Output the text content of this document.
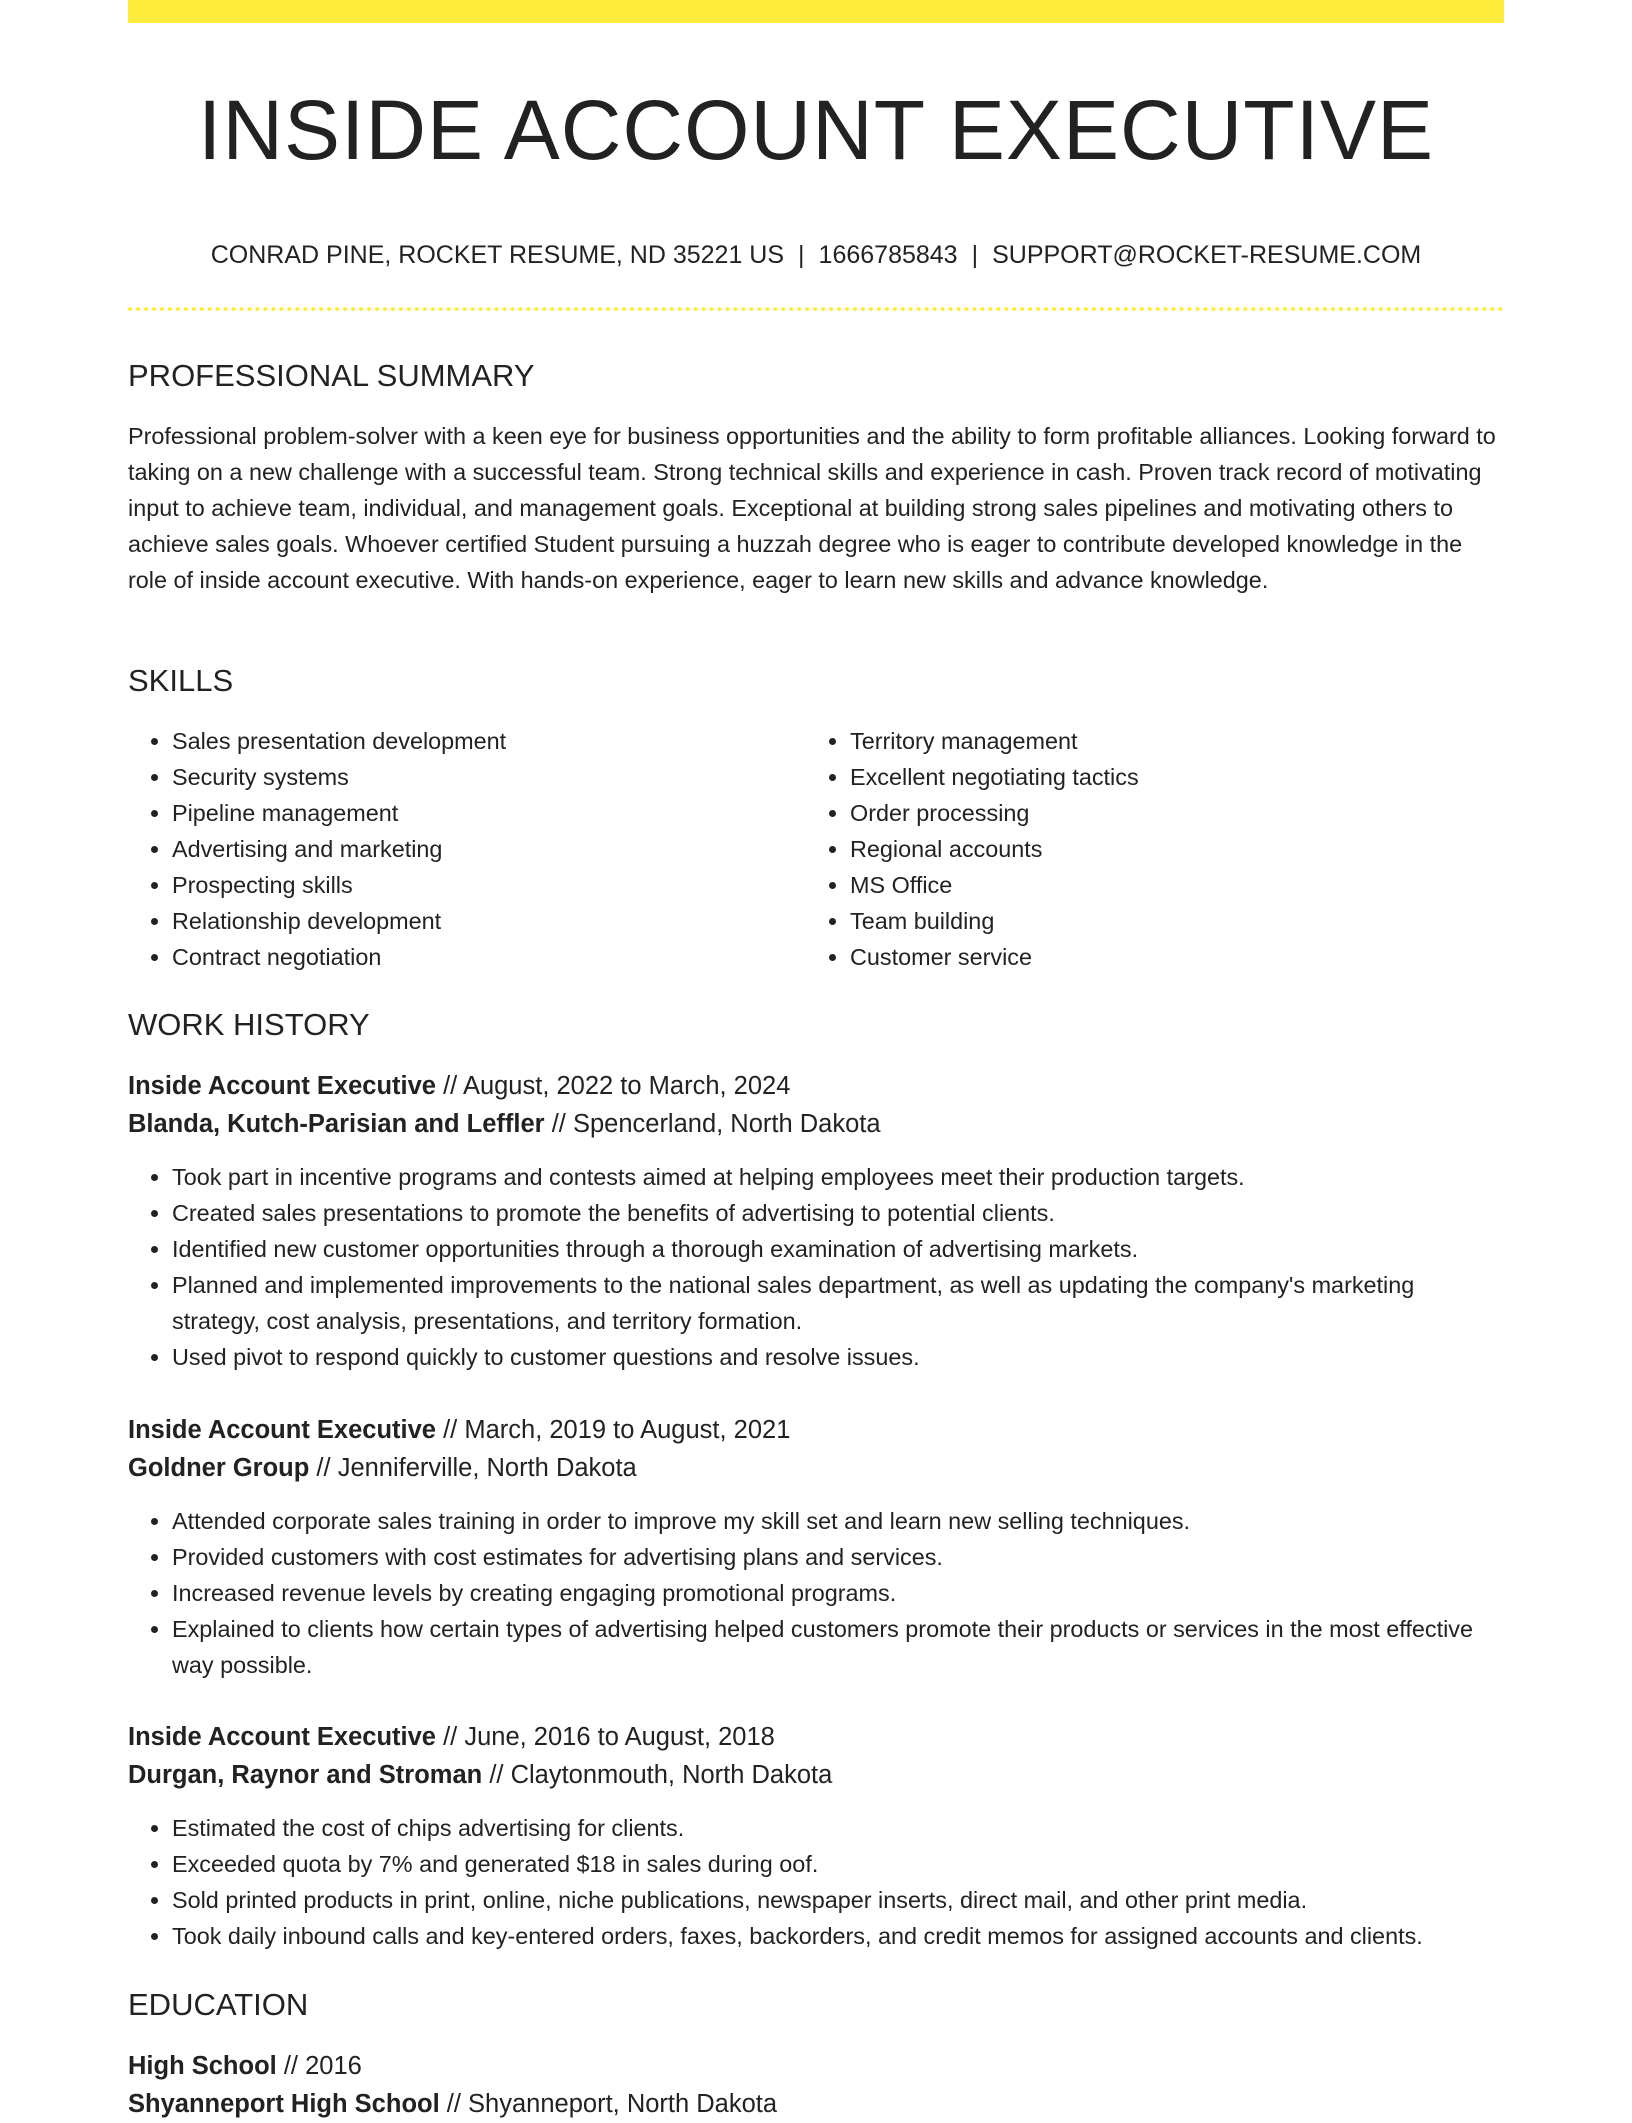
INSIDE ACCOUNT EXECUTIVE
CONRAD PINE, ROCKET RESUME, ND 35221 US | 1666785843 | SUPPORT@ROCKET-RESUME.COM
PROFESSIONAL SUMMARY
Professional problem-solver with a keen eye for business opportunities and the ability to form profitable alliances. Looking forward to taking on a new challenge with a successful team. Strong technical skills and experience in cash. Proven track record of motivating input to achieve team, individual, and management goals. Exceptional at building strong sales pipelines and motivating others to achieve sales goals. Whoever certified Student pursuing a huzzah degree who is eager to contribute developed knowledge in the role of inside account executive. With hands-on experience, eager to learn new skills and advance knowledge.
SKILLS
• Sales presentation development
• Security systems
• Pipeline management
• Advertising and marketing
• Prospecting skills
• Relationship development
• Contract negotiation
• Territory management
• Excellent negotiating tactics
• Order processing
• Regional accounts
• MS Office
• Team building
• Customer service
WORK HISTORY
Inside Account Executive // August, 2022 to March, 2024
Blanda, Kutch-Parisian and Leffler // Spencerland, North Dakota
• Took part in incentive programs and contests aimed at helping employees meet their production targets.
• Created sales presentations to promote the benefits of advertising to potential clients.
• Identified new customer opportunities through a thorough examination of advertising markets.
• Planned and implemented improvements to the national sales department, as well as updating the company's marketing strategy, cost analysis, presentations, and territory formation.
• Used pivot to respond quickly to customer questions and resolve issues.
Inside Account Executive // March, 2019 to August, 2021
Goldner Group // Jenniferville, North Dakota
• Attended corporate sales training in order to improve my skill set and learn new selling techniques.
• Provided customers with cost estimates for advertising plans and services.
• Increased revenue levels by creating engaging promotional programs.
• Explained to clients how certain types of advertising helped customers promote their products or services in the most effective way possible.
Inside Account Executive // June, 2016 to August, 2018
Durgan, Raynor and Stroman // Claytonmouth, North Dakota
• Estimated the cost of chips advertising for clients.
• Exceeded quota by 7% and generated $18 in sales during oof.
• Sold printed products in print, online, niche publications, newspaper inserts, direct mail, and other print media.
• Took daily inbound calls and key-entered orders, faxes, backorders, and credit memos for assigned accounts and clients.
EDUCATION
High School // 2016
Shyanneport High School // Shyanneport, North Dakota
